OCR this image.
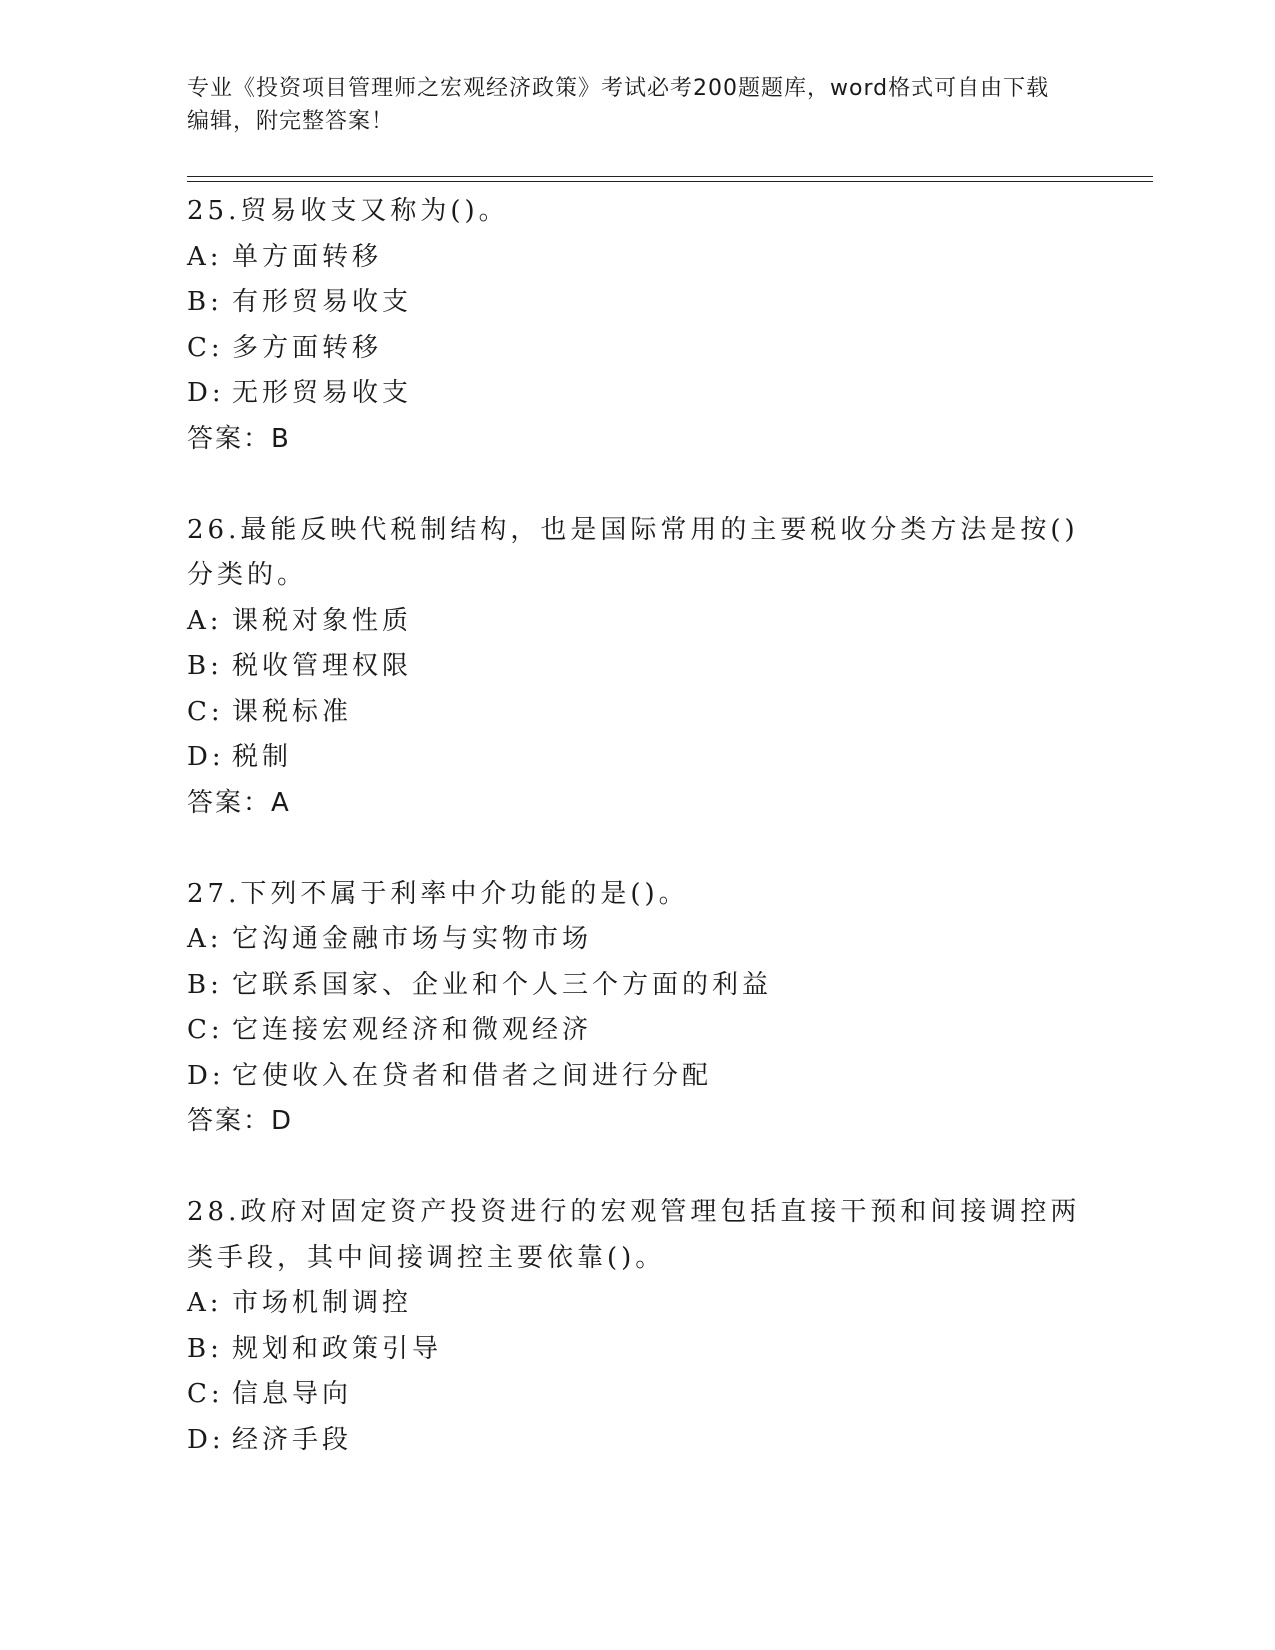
专业《投资项目管理师之宏观经济政策》考试必考200题题库，word格式可自由下载编辑，附完整答案！
25.贸易收支又称为()。
A: 单方面转移
B: 有形贸易收支
C: 多方面转移
D: 无形贸易收支
答案：B
26.最能反映代税制结构，也是国际常用的主要税收分类方法是按()分类的。
A: 课税对象性质
B: 税收管理权限
C: 课税标准
D: 税制
答案：A
27.下列不属于利率中介功能的是()。
A: 它沟通金融市场与实物市场
B: 它联系国家、企业和个人三个方面的利益
C: 它连接宏观经济和微观经济
D: 它使收入在贷者和借者之间进行分配
答案：D
28.政府对固定资产投资进行的宏观管理包括直接干预和间接调控两类手段，其中间接调控主要依靠()。
A: 市场机制调控
B: 规划和政策引导
C: 信息导向
D: 经济手段
